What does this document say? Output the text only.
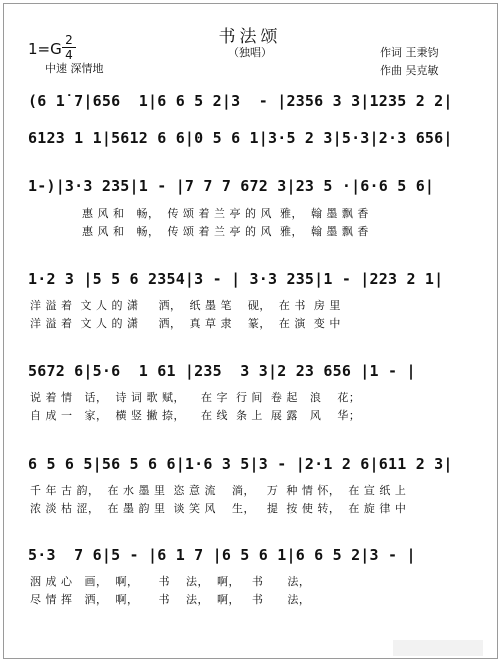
书法颂
（独唱）
1=G 2
4
中速 深情地
作词 王秉钧
作曲 吴克敏
(6 1̇ 7|656  1|6 6 5 2|3  - |2356 3 3|1235 2 2|
6123 1 1|5612 6 6|0 5 6 1|3·5 2 3|5·3|2·3 656|
1-)|3·3 235|1 - |7 7 7 672 3|23 5 ·|6·6 5 6|
惠 风 和   畅，  传 颂 着 兰 亭 的 风  雅，  翰 墨 飘 香
惠 风 和   畅，  传 颂 着 兰 亭 的 风  雅，  翰 墨 飘 香
1·2 3 |5 5 6 2354|3 - | 3·3 235|1 - |223 2 1|
洋 溢 着  文 人 的 潇     洒，  纸 墨 笔    砚，  在 书  房 里
洋 溢 着  文 人 的 潇     洒，  真 草 隶    篆，  在 演  变 中
5672 6|5·6  1 61 |235  3 3|2 23 656 |1 - |
说 着 情   话，  诗 词 歌 赋，    在 字  行 间  卷 起   浪    花；
自 成 一   家，  横 竖 撇 捺，    在 线  条 上  展 露   风    华；
6 5 6 5|56 5 6 6|1·6 3 5|3 - |2·1 2 6|611 2 3|
千 年 古 韵，  在 水 墨 里  恣 意 流    淌，   万  种 情 怀，  在 宣 纸 上
浓 淡 枯 涩，  在 墨 韵 里  谈 笑 风    生，   提  按 使 转，  在 旋 律 中
5·3  7 6|5 - |6 1 7 |6 5 6 1|6 6 5 2|3 - |
洇 成 心   画，  啊，     书    法，  啊，   书      法，
尽 情 挥   洒，  啊，     书    法，  啊，   书      法，
